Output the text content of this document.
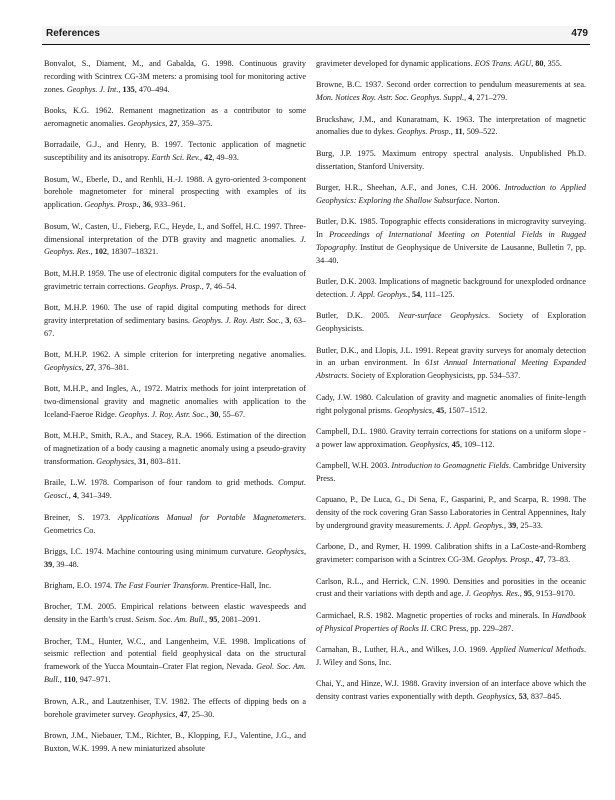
References	479

Bonvalot, S., Diament, M., and Gabalda, G. 1998. Continuous gravity recording with Scintrex CG-3M meters: a promising tool for monitoring active zones. Geophys. J. Int., 135, 470–494.

Books, K.G. 1962. Remanent magnetization as a contributor to some aeromagnetic anomalies. Geophysics, 27, 359–375.

Borradaile, G.J., and Henry, B. 1997. Tectonic application of magnetic susceptibility and its anisotropy. Earth Sci. Rev., 42, 49–93.

Bosum, W., Eberle, D., and Renhli, H.-J. 1988. A gyro-oriented 3-component borehole magnetometer for mineral prospecting with examples of its application. Geophys. Prosp., 36, 933–961.

Bosum, W., Casten, U., Fieberg, F.C., Heyde, I., and Soffel, H.C. 1997. Three-dimensional interpretation of the DTB gravity and magnetic anomalies. J. Geophys. Res., 102, 18307–18321.

Bott, M.H.P. 1959. The use of electronic digital computers for the evaluation of gravimetric terrain corrections. Geophys. Prosp., 7, 46–54.

Bott, M.H.P. 1960. The use of rapid digital computing methods for direct gravity interpretation of sedimentary basins. Geophys. J. Roy. Astr. Soc., 3, 63–67.

Bott, M.H.P. 1962. A simple criterion for interpreting negative anomalies. Geophysics, 27, 376–381.

Bott, M.H.P., and Ingles, A., 1972. Matrix methods for joint interpretation of two-dimensional gravity and magnetic anomalies with application to the Iceland-Faeroe Ridge. Geophys. J. Roy. Astr. Soc., 30, 55–67.

Bott, M.H.P., Smith, R.A., and Stacey, R.A. 1966. Estimation of the direction of magnetization of a body causing a magnetic anomaly using a pseudo-gravity transformation. Geophysics, 31, 803–811.

Braile, L.W. 1978. Comparison of four random to grid methods. Comput. Geosci., 4, 341–349.

Breiner, S. 1973. Applications Manual for Portable Magnetometers. Geometrics Co.

Briggs, I.C. 1974. Machine contouring using minimum curvature. Geophysics, 39, 39–48.

Brigham, E.O. 1974. The Fast Fourier Transform. Prentice-Hall, Inc.

Brocher, T.M. 2005. Empirical relations between elastic wavespeeds and density in the Earth’s crust. Seism. Soc. Am. Bull., 95, 2081–2091.

Brocher, T.M., Hunter, W.C., and Langenheim, V.E. 1998. Implications of seismic reflection and potential field geophysical data on the structural framework of the Yucca Mountain–Crater Flat region, Nevada. Geol. Soc. Am. Bull., 110, 947–971.

Brown, A.R., and Lautzenhiser, T.V. 1982. The effects of dipping beds on a borehole gravimeter survey. Geophysics, 47, 25–30.

Brown, J.M., Niebauer, T.M., Richter, B., Klopping, F.J., Valentine, J.G., and Buxton, W.K. 1999. A new miniaturized absolute

gravimeter developed for dynamic applications. EOS Trans. AGU, 80, 355.

Browne, B.C. 1937. Second order correction to pendulum measurements at sea. Mon. Notices Roy. Astr. Soc. Geophys. Suppl., 4, 271–279.

Bruckshaw, J.M., and Kunaratnam, K. 1963. The interpretation of magnetic anomalies due to dykes. Geophys. Prosp., 11, 509–522.

Burg, J.P. 1975. Maximum entropy spectral analysis. Unpublished Ph.D. dissertation, Stanford University.

Burger, H.R., Sheehan, A.F., and Jones, C.H. 2006. Introduction to Applied Geophysics: Exploring the Shallow Subsurface. Norton.

Butler, D.K. 1985. Topographic effects considerations in microgravity surveying. In Proceedings of International Meeting on Potential Fields in Rugged Topography. Institut de Geophysique de Universite de Lausanne, Bulletin 7, pp. 34–40.

Butler, D.K. 2003. Implications of magnetic background for unexploded ordnance detection. J. Appl. Geophys., 54, 111–125.

Butler, D.K. 2005. Near-surface Geophysics. Society of Exploration Geophysicists.

Butler, D.K., and Llopis, J.L. 1991. Repeat gravity surveys for anomaly detection in an urban environment. In 61st Annual International Meeting Expanded Abstracts. Society of Exploration Geophysicists, pp. 534–537.

Cady, J.W. 1980. Calculation of gravity and magnetic anomalies of finite-length right polygonal prisms. Geophysics, 45, 1507–1512.

Campbell, D.L. 1980. Gravity terrain corrections for stations on a uniform slope - a power law approximation. Geophysics, 45, 109–112.

Campbell, W.H. 2003. Introduction to Geomagnetic Fields. Cambridge University Press.

Capuano, P., De Luca, G., Di Sena, F., Gasparini, P., and Scarpa, R. 1998. The density of the rock covering Gran Sasso Laboratories in Central Appennines, Italy by underground gravity measurements. J. Appl. Geophys., 39, 25–33.

Carbone, D., and Rymer, H. 1999. Calibration shifts in a LaCoste-and-Romberg gravimeter: comparison with a Scintrex CG-3M. Geophys. Prosp., 47, 73–83.

Carlson, R.L., and Herrick, C.N. 1990. Densities and porosities in the oceanic crust and their variations with depth and age. J. Geophys. Res., 95, 9153–9170.

Carmichael, R.S. 1982. Magnetic properties of rocks and minerals. In Handbook of Physical Properties of Rocks II. CRC Press, pp. 229–287.

Carnahan, B., Luther, H.A., and Wilkes, J.O. 1969. Applied Numerical Methods. J. Wiley and Sons, Inc.

Chai, Y., and Hinze, W.J. 1988. Gravity inversion of an interface above which the density contrast varies exponentially with depth. Geophysics, 53, 837–845.
